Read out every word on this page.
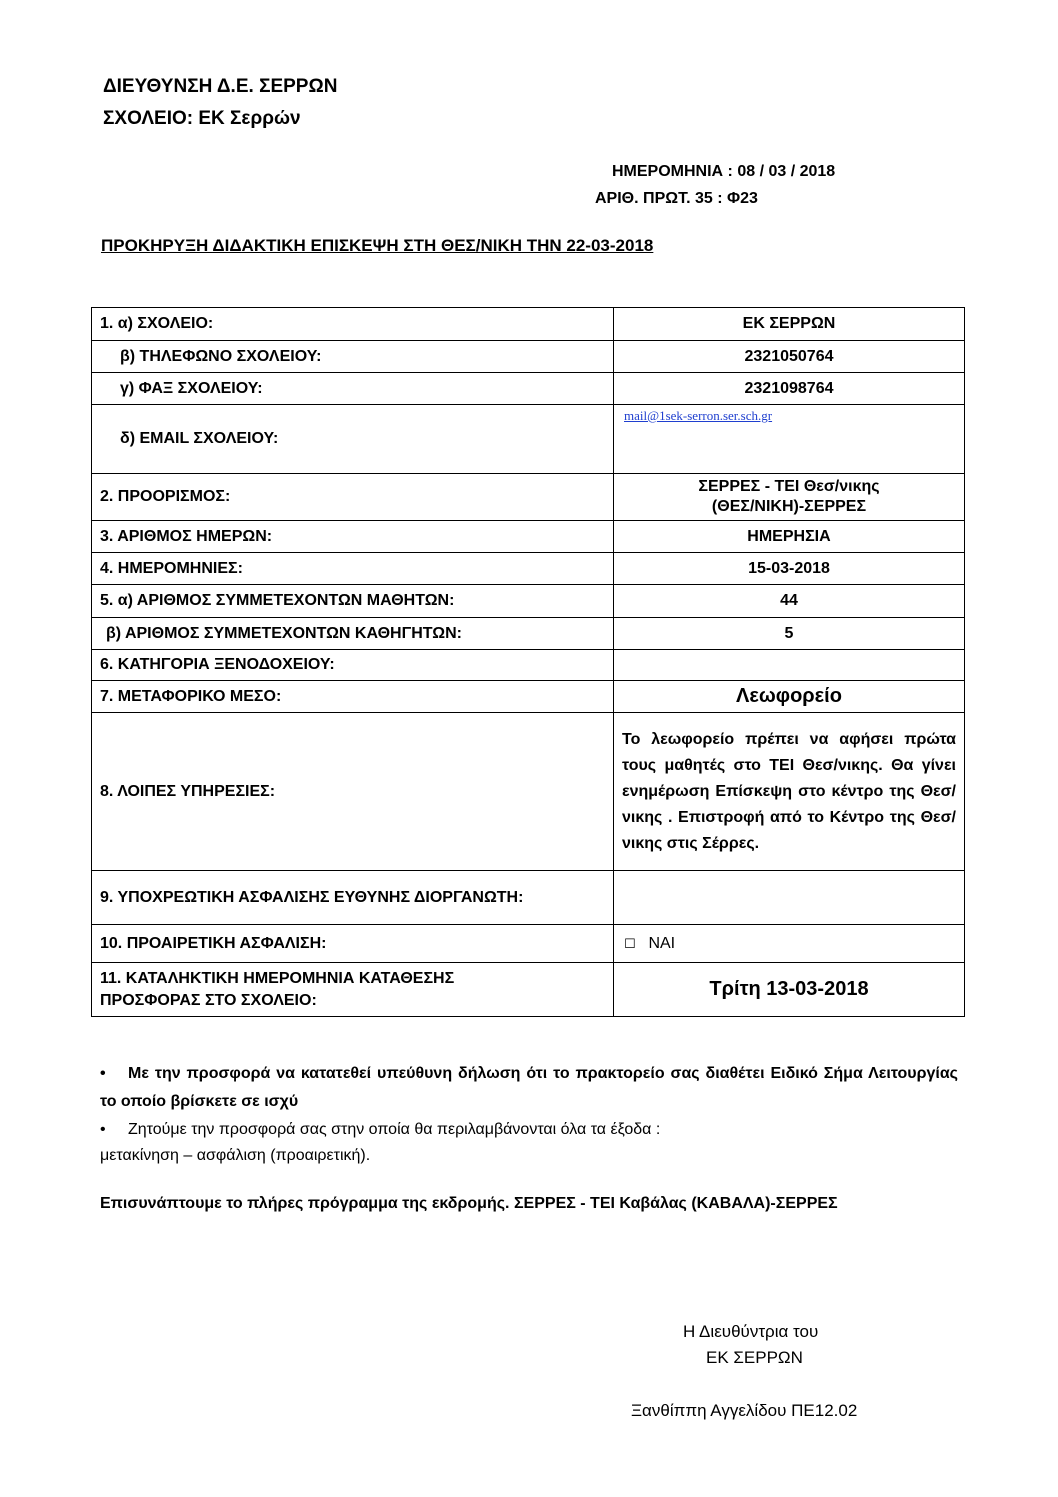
ΔΙΕΥΘΥΝΣΗ Δ.Ε. ΣΕΡΡΩΝ
ΣΧΟΛΕΙΟ: ΕΚ Σερρών
ΗΜΕΡΟΜΗΝΙΑ : 08 / 03 / 2018
ΑΡΙΘ. ΠΡΩΤ. 35 : Φ23
ΠΡΟΚΗΡΥΞΗ ΔΙΔΑΚΤΙΚΗ ΕΠΙΣΚΕΨΗ ΣΤΗ ΘΕΣ/ΝΙΚΗ ΤΗΝ 22-03-2018
1. α) ΣΧΟΛΕΙΟ:	ΕΚ ΣΕΡΡΩΝ
β) ΤΗΛΕΦΩΝΟ ΣΧΟΛΕΙΟΥ:	2321050764
γ) ΦΑΞ ΣΧΟΛΕΙΟΥ:	2321098764
δ) EMAIL ΣΧΟΛΕΙΟΥ:	mail@1sek-serron.ser.sch.gr
2. ΠΡΟΟΡΙΣΜΟΣ:	ΣΕΡΡΕΣ - ΤΕΙ Θεσ/νικης
(ΘΕΣ/ΝΙΚΗ)-ΣΕΡΡΕΣ

3. ΑΡΙΘΜΟΣ ΗΜΕΡΩΝ:	ΗΜΕΡΗΣΙΑ
4. ΗΜΕΡΟΜΗΝΙΕΣ:	15-03-2018
5. α) ΑΡΙΘΜΟΣ ΣΥΜΜΕΤΕΧΟΝΤΩΝ ΜΑΘΗΤΩΝ:	44
β) ΑΡΙΘΜΟΣ ΣΥΜΜΕΤΕΧΟΝΤΩΝ ΚΑΘΗΓΗΤΩΝ:	5
6. ΚΑΤΗΓΟΡΙΑ ΞΕΝΟΔΟΧΕΙΟΥ:	
7. ΜΕΤΑΦΟΡΙΚΟ ΜΕΣΟ:	Λεωφορείο
8. ΛΟΙΠΕΣ ΥΠΗΡΕΣΙΕΣ:	Το λεωφορείο πρέπει να αφήσει πρώτα τους μαθητές στο ΤΕΙ Θεσ/νικης. Θα γίνει ενημέρωση Επίσκεψη στο κέντρο της Θεσ/νικης . Επιστροφή από το Κέντρο της Θεσ/νικης στις Σέρρες.
9. ΥΠΟΧΡΕΩΤΙΚΗ ΑΣΦΑΛΙΣΗΣ ΕΥΘΥΝΗΣ ΔΙΟΡΓΑΝΩΤΗ:	
10. ΠΡΟΑΙΡΕΤΙΚΗ ΑΣΦΑΛΙΣΗ:	☐ ΝΑΙ

11. ΚΑΤΑΛΗΚΤΙΚΗ ΗΜΕΡΟΜΗΝΙΑ ΚΑΤΑΘΕΣΗΣ
ΠΡΟΣΦΟΡΑΣ ΣΤΟ ΣΧΟΛΕΙΟ:	Τρίτη 13-03-2018
• Με την προσφορά να κατατεθεί υπεύθυνη δήλωση ότι το πρακτορείο σας διαθέτει Ειδικό Σήμα Λειτουργίας το οποίο βρίσκετε σε ισχύ
• Ζητούμε την προσφορά σας στην οποία θα περιλαμβάνονται όλα τα έξοδα :
μετακίνηση – ασφάλιση (προαιρετική).
Επισυνάπτουμε το πλήρες πρόγραμμα της εκδρομής. ΣΕΡΡΕΣ - ΤΕΙ Καβάλας (ΚΑΒΑΛΑ)-ΣΕΡΡΕΣ
Η Διευθύντρια του
ΕΚ ΣΕΡΡΩΝ
Ξανθίππη Αγγελίδου ΠΕ12.02
